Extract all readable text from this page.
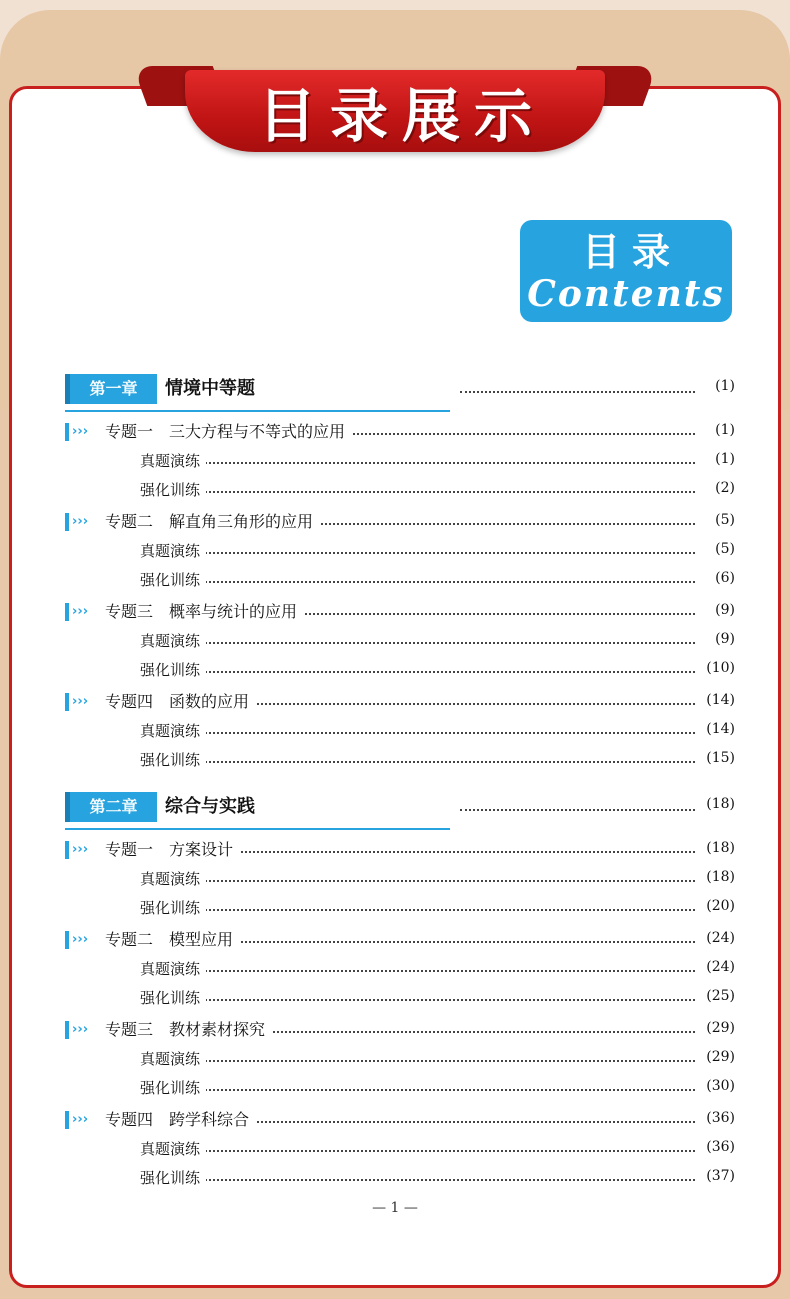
目录展示
目录
Contents
第一章	情境中等题	(1)
›››	专题一　三大方程与不等式的应用	(1)
真题演练	(1)
强化训练	(2)
›››	专题二　解直角三角形的应用	(5)
真题演练	(5)
强化训练	(6)
›››	专题三　概率与统计的应用	(9)
真题演练	(9)
强化训练	(10)
›››	专题四　函数的应用	(14)
真题演练	(14)
强化训练	(15)
第二章	综合与实践	(18)
›››	专题一　方案设计	(18)
真题演练	(18)
强化训练	(20)
›››	专题二　模型应用	(24)
真题演练	(24)
强化训练	(25)
›››	专题三　教材素材探究	(29)
真题演练	(29)
强化训练	(30)
›››	专题四　跨学科综合	(36)
真题演练	(36)
强化训练	(37)
— 1 —
